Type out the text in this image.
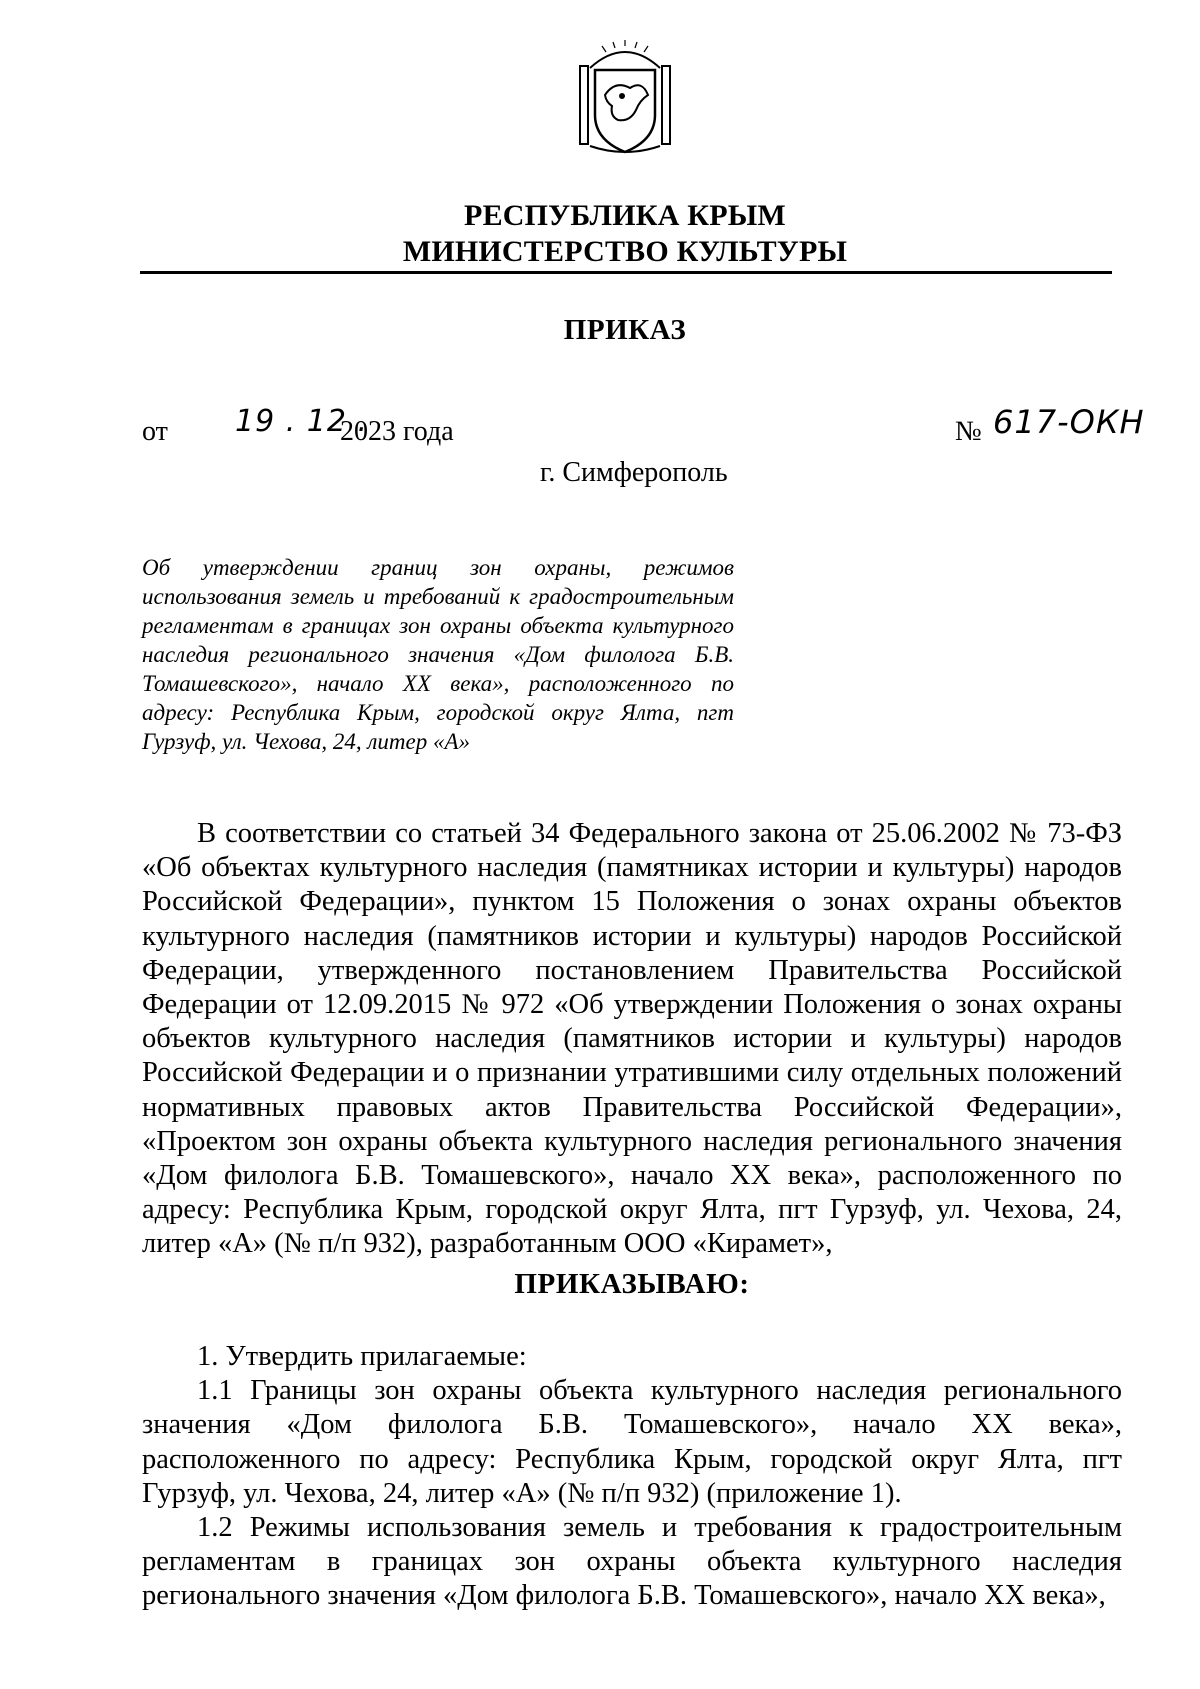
РЕСПУБЛИКА КРЫМ
МИНИСТЕРСТВО КУЛЬТУРЫ
ПРИКАЗ
от 19 . 12 .
2023 года	№ 617-ОКН
г. Симферополь

Об утверждении границ зон охраны, режимов использования земель и требований к градостроительным регламентам в границах зон охраны объекта культурного наследия регионального значения «Дом филолога Б.В. Томашевского», начало XX века», расположенного по адресу: Республика Крым, городской округ Ялта, пгт Гурзуф, ул. Чехова, 24, литер «А»

В соответствии со статьей 34 Федерального закона от 25.06.2002 № 73-ФЗ «Об объектах культурного наследия (памятниках истории и культуры) народов Российской Федерации», пунктом 15 Положения о зонах охраны объектов культурного наследия (памятников истории и культуры) народов Российской Федерации, утвержденного постановлением Правительства Российской Федерации от 12.09.2015 № 972 «Об утверждении Положения о зонах охраны объектов культурного наследия (памятников истории и культуры) народов Российской Федерации и о признании утратившими силу отдельных положений нормативных правовых актов Правительства Российской Федерации», «Проектом зон охраны объекта культурного наследия регионального значения «Дом филолога Б.В. Томашевского», начало XX века», расположенного по адресу: Республика Крым, городской округ Ялта, пгт Гурзуф, ул. Чехова, 24, литер «А» (№ п/п 932), разработанным ООО «Кирамет»,

ПРИКАЗЫВАЮ:

1. Утвердить прилагаемые:

1.1 Границы зон охраны объекта культурного наследия регионального значения «Дом филолога Б.В. Томашевского», начало XX века», расположенного по адресу: Республика Крым, городской округ Ялта, пгт Гурзуф, ул. Чехова, 24, литер «А» (№ п/п 932) (приложение 1).

1.2 Режимы использования земель и требования к градостроительным регламентам в границах зон охраны объекта культурного наследия регионального значения «Дом филолога Б.В. Томашевского», начало XX века»,
